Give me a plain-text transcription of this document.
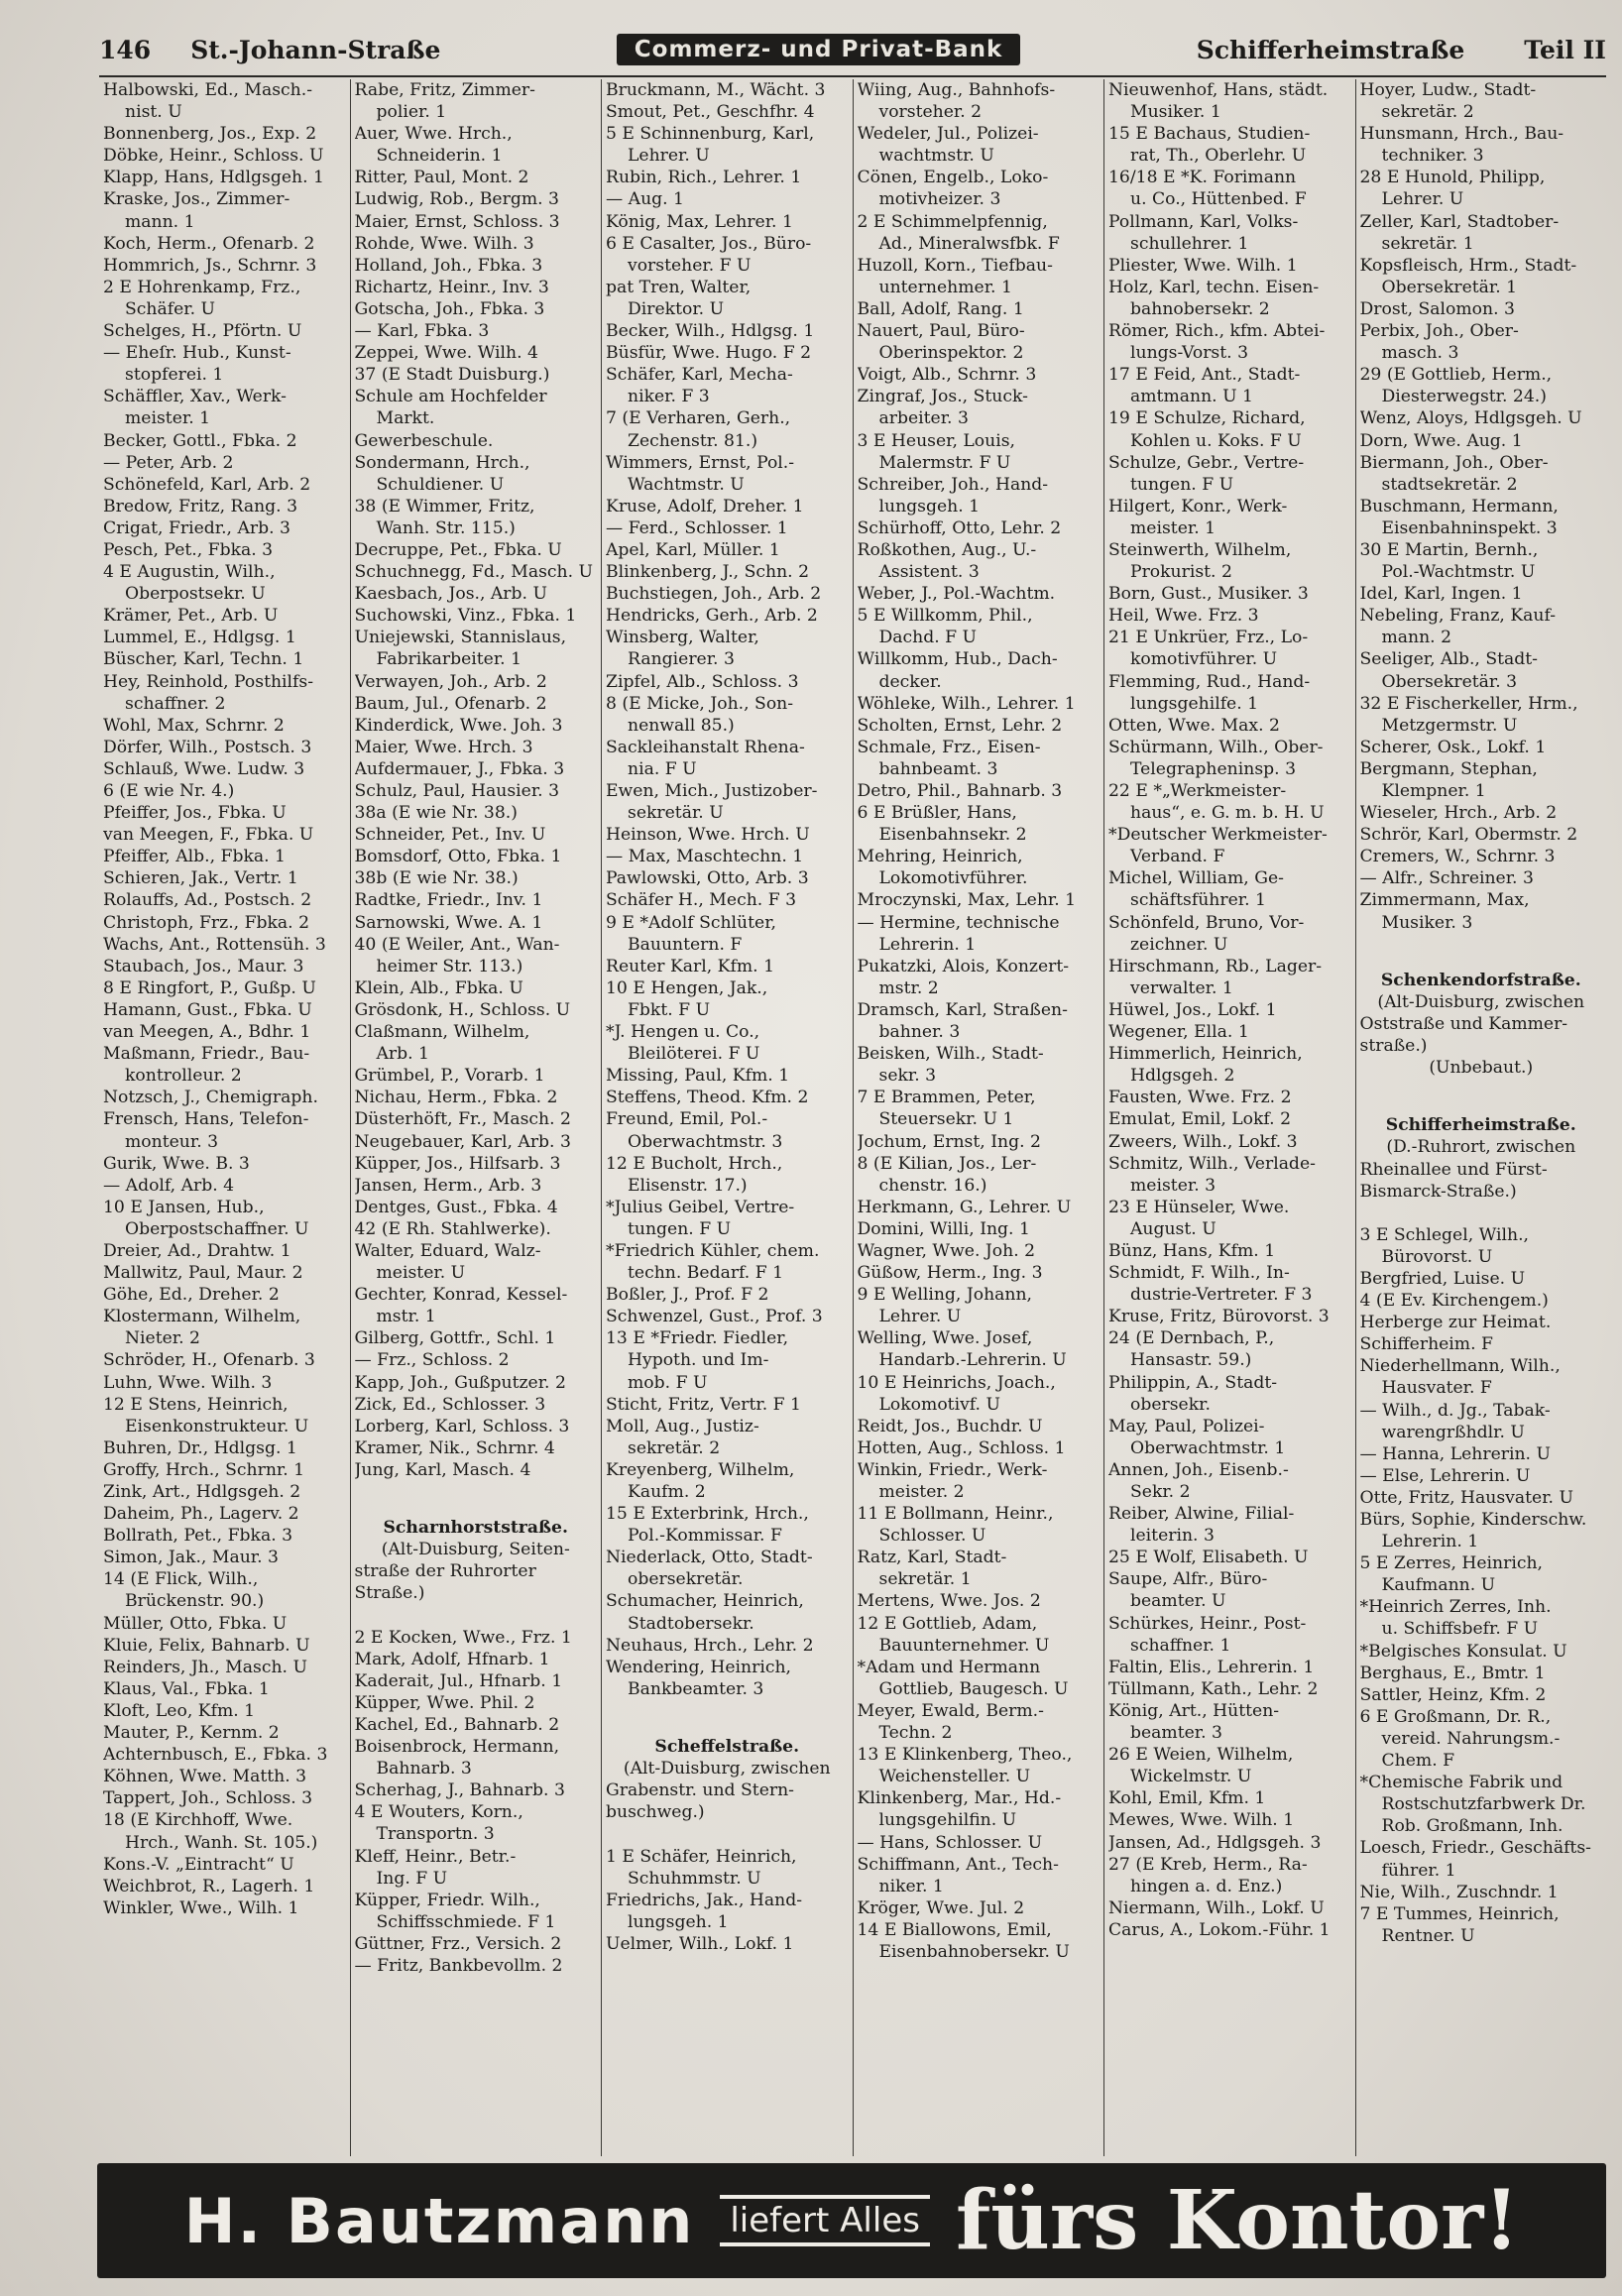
146 St.-Johann-Straße	Commerz- und Privat-Bank	Schifferheimstraße Teil II
Halbowski, Ed., Masch.-
nist. U
Bonnenberg, Jos., Exp. 2
Döbke, Heinr., Schloss. U
Klapp, Hans, Hdlgsgeh. 1
Kraske, Jos., Zimmer-
mann. 1
Koch, Herm., Ofenarb. 2
Hommrich, Js., Schrnr. 3
2 E Hohrenkamp, Frz.,
Schäfer. U
Schelges, H., Pförtn. U
— Eheſr. Hub., Kunst-
stopferei. 1
Schäffler, Xav., Werk-
meister. 1
Becker, Gottl., Fbka. 2
— Peter, Arb. 2
Schönefeld, Karl, Arb. 2
Bredow, Fritz, Rang. 3
Crigat, Friedr., Arb. 3
Pesch, Pet., Fbka. 3
4 E Augustin, Wilh.,
Oberpostsekr. U
Krämer, Pet., Arb. U
Lummel, E., Hdlgsg. 1
Büscher, Karl, Techn. 1
Hey, Reinhold, Posthilfs-
schaffner. 2
Wohl, Max, Schrnr. 2
Dörfer, Wilh., Postsch. 3
Schlauß, Wwe. Ludw. 3
6 (E wie Nr. 4.)
Pfeiffer, Jos., Fbka. U
van Meegen, F., Fbka. U
Pfeiffer, Alb., Fbka. 1
Schieren, Jak., Vertr. 1
Rolauffs, Ad., Postsch. 2
Christoph, Frz., Fbka. 2
Wachs, Ant., Rottensüh. 3
Staubach, Jos., Maur. 3
8 E Ringfort, P., Gußp. U
Hamann, Gust., Fbka. U
van Meegen, A., Bdhr. 1
Maßmann, Friedr., Bau-
kontrolleur. 2
Notzsch, J., Chemigraph.
Frensch, Hans, Telefon-
monteur. 3
Gurik, Wwe. B. 3
— Adolf, Arb. 4
10 E Jansen, Hub.,
Oberpostschaffner. U
Dreier, Ad., Drahtw. 1
Mallwitz, Paul, Maur. 2
Göhe, Ed., Dreher. 2
Klostermann, Wilhelm,
Nieter. 2
Schröder, H., Ofenarb. 3
Luhn, Wwe. Wilh. 3
12 E Stens, Heinrich,
Eisenkonstrukteur. U
Buhren, Dr., Hdlgsg. 1
Groffy, Hrch., Schrnr. 1
Zink, Art., Hdlgsgeh. 2
Daheim, Ph., Lagerv. 2
Bollrath, Pet., Fbka. 3
Simon, Jak., Maur. 3
14 (E Flick, Wilh.,
Brückenstr. 90.)
Müller, Otto, Fbka. U
Kluie, Felix, Bahnarb. U
Reinders, Jh., Masch. U
Klaus, Val., Fbka. 1
Kloft, Leo, Kfm. 1
Mauter, P., Kernm. 2
Achternbusch, E., Fbka. 3
Köhnen, Wwe. Matth. 3
Tappert, Joh., Schloss. 3
18 (E Kirchhoff, Wwe.
Hrch., Wanh. St. 105.)
Kons.-V. „Eintracht“ U
Weichbrot, R., Lagerh. 1
Winkler, Wwe., Wilh. 1
Rabe, Fritz, Zimmer-
polier. 1
Auer, Wwe. Hrch.,
Schneiderin. 1
Ritter, Paul, Mont. 2
Ludwig, Rob., Bergm. 3
Maier, Ernst, Schloss. 3
Rohde, Wwe. Wilh. 3
Holland, Joh., Fbka. 3
Richartz, Heinr., Inv. 3
Gotscha, Joh., Fbka. 3
— Karl, Fbka. 3
Zeppei, Wwe. Wilh. 4
37 (E Stadt Duisburg.)
Schule am Hochfelder
Markt.
Gewerbeschule.
Sondermann, Hrch.,
Schuldiener. U
38 (E Wimmer, Fritz,
Wanh. Str. 115.)
Decruppe, Pet., Fbka. U
Schuchnegg, Fd., Masch. U
Kaesbach, Jos., Arb. U
Suchowski, Vinz., Fbka. 1
Uniejewski, Stannislaus,
Fabrikarbeiter. 1
Verwayen, Joh., Arb. 2
Baum, Jul., Ofenarb. 2
Kinderdick, Wwe. Joh. 3
Maier, Wwe. Hrch. 3
Aufdermauer, J., Fbka. 3
Schulz, Paul, Hausier. 3
38a (E wie Nr. 38.)
Schneider, Pet., Inv. U
Bomsdorf, Otto, Fbka. 1
38b (E wie Nr. 38.)
Radtke, Friedr., Inv. 1
Sarnowski, Wwe. A. 1
40 (E Weiler, Ant., Wan-
heimer Str. 113.)
Klein, Alb., Fbka. U
Grösdonk, H., Schloss. U
Claßmann, Wilhelm,
Arb. 1
Grümbel, P., Vorarb. 1
Nichau, Herm., Fbka. 2
Düsterhöft, Fr., Masch. 2
Neugebauer, Karl, Arb. 3
Küpper, Jos., Hilfsarb. 3
Jansen, Herm., Arb. 3
Dentges, Gust., Fbka. 4
42 (E Rh. Stahlwerke).
Walter, Eduard, Walz-
meister. U
Gechter, Konrad, Kessel-
mstr. 1
Gilberg, Gottfr., Schl. 1
— Frz., Schloss. 2
Kapp, Joh., Gußputzer. 2
Zick, Ed., Schlosser. 3
Lorberg, Karl, Schloss. 3
Kramer, Nik., Schrnr. 4
Jung, Karl, Masch. 4

Scharnhorststraße.
(Alt-Duisburg, Seiten-
straße der Ruhrorter
Straße.)

2 E Kocken, Wwe., Frz. 1
Mark, Adolf, Hfnarb. 1
Kaderait, Jul., Hfnarb. 1
Küpper, Wwe. Phil. 2
Kachel, Ed., Bahnarb. 2
Boisenbrock, Hermann,
Bahnarb. 3
Scherhag, J., Bahnarb. 3
4 E Wouters, Korn.,
Transportn. 3
Kleff, Heinr., Betr.-
Ing. F U
Küpper, Friedr. Wilh.,
Schiffsschmiede. F 1
Güttner, Frz., Versich. 2
— Fritz, Bankbevollm. 2
Bruckmann, M., Wächt. 3
Smout, Pet., Geschfhr. 4
5 E Schinnenburg, Karl,
Lehrer. U
Rubin, Rich., Lehrer. 1
— Aug. 1
König, Max, Lehrer. 1
6 E Casalter, Jos., Büro-
vorsteher. F U
pat Tren, Walter,
Direktor. U
Becker, Wilh., Hdlgsg. 1
Büsfür, Wwe. Hugo. F 2
Schäfer, Karl, Mecha-
niker. F 3
7 (E Verharen, Gerh.,
Zechenstr. 81.)
Wimmers, Ernst, Pol.-
Wachtmstr. U
Kruse, Adolf, Dreher. 1
— Ferd., Schlosser. 1
Apel, Karl, Müller. 1
Blinkenberg, J., Schn. 2
Buchstiegen, Joh., Arb. 2
Hendricks, Gerh., Arb. 2
Winsberg, Walter,
Rangierer. 3
Zipfel, Alb., Schloss. 3
8 (E Micke, Joh., Son-
nenwall 85.)
Sackleihanstalt Rhena-
nia. F U
Ewen, Mich., Justizober-
sekretär. U
Heinson, Wwe. Hrch. U
— Max, Maschtechn. 1
Pawlowski, Otto, Arb. 3
Schäfer H., Mech. F 3
9 E *Adolf Schlüter,
Bauuntern. F
Reuter Karl, Kfm. 1
10 E Hengen, Jak.,
Fbkt. F U
*J. Hengen u. Co.,
Bleilöterei. F U
Missing, Paul, Kfm. 1
Steffens, Theod. Kfm. 2
Freund, Emil, Pol.-
Oberwachtmstr. 3
12 E Bucholt, Hrch.,
Elisenstr. 17.)
*Julius Geibel, Vertre-
tungen. F U
*Friedrich Kühler, chem.
techn. Bedarf. F 1
Boßler, J., Prof. F 2
Schwenzel, Gust., Prof. 3
13 E *Friedr. Fiedler,
Hypoth. und Im-
mob. F U
Sticht, Fritz, Vertr. F 1
Moll, Aug., Justiz-
sekretär. 2
Kreyenberg, Wilhelm,
Kaufm. 2
15 E Exterbrink, Hrch.,
Pol.-Kommissar. F
Niederlack, Otto, Stadt-
obersekretär.
Schumacher, Heinrich,
Stadtobersekr.
Neuhaus, Hrch., Lehr. 2
Wendering, Heinrich,
Bankbeamter. 3

Scheffelstraße.
(Alt-Duisburg, zwischen
Grabenstr. und Stern-
buschweg.)

1 E Schäfer, Heinrich,
Schuhmmstr. U
Friedrichs, Jak., Hand-
lungsgeh. 1
Uelmer, Wilh., Lokf. 1
Wiing, Aug., Bahnhofs-
vorsteher. 2
Wedeler, Jul., Polizei-
wachtmstr. U
Cönen, Engelb., Loko-
motivheizer. 3
2 E Schimmelpfennig,
Ad., Mineralwsfbk. F
Huzoll, Korn., Tiefbau-
unternehmer. 1
Ball, Adolf, Rang. 1
Nauert, Paul, Büro-
Oberinspektor. 2
Voigt, Alb., Schrnr. 3
Zingraf, Jos., Stuck-
arbeiter. 3
3 E Heuser, Louis,
Malermstr. F U
Schreiber, Joh., Hand-
lungsgeh. 1
Schürhoff, Otto, Lehr. 2
Roßkothen, Aug., U.-
Assistent. 3
Weber, J., Pol.-Wachtm.
5 E Willkomm, Phil.,
Dachd. F U
Willkomm, Hub., Dach-
decker.
Wöhleke, Wilh., Lehrer. 1
Scholten, Ernst, Lehr. 2
Schmale, Frz., Eisen-
bahnbeamt. 3
Detro, Phil., Bahnarb. 3
6 E Brüßler, Hans,
Eisenbahnsekr. 2
Mehring, Heinrich,
Lokomotivführer.
Mroczynski, Max, Lehr. 1
— Hermine, technische
Lehrerin. 1
Pukatzki, Alois, Konzert-
mstr. 2
Dramsch, Karl, Straßen-
bahner. 3
Beisken, Wilh., Stadt-
sekr. 3
7 E Brammen, Peter,
Steuersekr. U 1
Jochum, Ernst, Ing. 2
8 (E Kilian, Jos., Ler-
chenstr. 16.)
Herkmann, G., Lehrer. U
Domini, Willi, Ing. 1
Wagner, Wwe. Joh. 2
Güßow, Herm., Ing. 3
9 E Welling, Johann,
Lehrer. U
Welling, Wwe. Josef,
Handarb.-Lehrerin. U
10 E Heinrichs, Joach.,
Lokomotivf. U
Reidt, Jos., Buchdr. U
Hotten, Aug., Schloss. 1
Winkin, Friedr., Werk-
meister. 2
11 E Bollmann, Heinr.,
Schlosser. U
Ratz, Karl, Stadt-
sekretär. 1
Mertens, Wwe. Jos. 2
12 E Gottlieb, Adam,
Bauunternehmer. U
*Adam und Hermann
Gottlieb, Baugesch. U
Meyer, Ewald, Berm.-
Techn. 2
13 E Klinkenberg, Theo.,
Weichensteller. U
Klinkenberg, Mar., Hd.-
lungsgehilfin. U
— Hans, Schlosser. U
Schiffmann, Ant., Tech-
niker. 1
Kröger, Wwe. Jul. 2
14 E Biallowons, Emil,
Eisenbahnobersekr. U
Nieuwenhof, Hans, städt.
Musiker. 1
15 E Bachaus, Studien-
rat, Th., Oberlehr. U
16/18 E *K. Forimann
u. Co., Hüttenbed. F
Pollmann, Karl, Volks-
schullehrer. 1
Pliester, Wwe. Wilh. 1
Holz, Karl, techn. Eisen-
bahnobersekr. 2
Römer, Rich., kfm. Abtei-
lungs-Vorst. 3
17 E Feid, Ant., Stadt-
amtmann. U 1
19 E Schulze, Richard,
Kohlen u. Koks. F U
Schulze, Gebr., Vertre-
tungen. F U
Hilgert, Konr., Werk-
meister. 1
Steinwerth, Wilhelm,
Prokurist. 2
Born, Gust., Musiker. 3
Heil, Wwe. Frz. 3
21 E Unkrüer, Frz., Lo-
komotivführer. U
Flemming, Rud., Hand-
lungsgehilfe. 1
Otten, Wwe. Max. 2
Schürmann, Wilh., Ober-
Telegrapheninsp. 3
22 E *„Werkmeister-
haus“, e. G. m. b. H. U
*Deutscher Werkmeister-
Verband. F
Michel, William, Ge-
schäftsführer. 1
Schönfeld, Bruno, Vor-
zeichner. U
Hirschmann, Rb., Lager-
verwalter. 1
Hüwel, Jos., Lokf. 1
Wegener, Ella. 1
Himmerlich, Heinrich,
Hdlgsgeh. 2
Fausten, Wwe. Frz. 2
Emulat, Emil, Lokf. 2
Zweers, Wilh., Lokf. 3
Schmitz, Wilh., Verlade-
meister. 3
23 E Hünseler, Wwe.
August. U
Bünz, Hans, Kfm. 1
Schmidt, F. Wilh., In-
dustrie-Vertreter. F 3
Kruse, Fritz, Bürovorst. 3
24 (E Dernbach, P.,
Hansastr. 59.)
Philippin, A., Stadt-
obersekr.
May, Paul, Polizei-
Oberwachtmstr. 1
Annen, Joh., Eisenb.-
Sekr. 2
Reiber, Alwine, Filial-
leiterin. 3
25 E Wolf, Elisabeth. U
Saupe, Alfr., Büro-
beamter. U
Schürkes, Heinr., Post-
schaffner. 1
Faltin, Elis., Lehrerin. 1
Tüllmann, Kath., Lehr. 2
König, Art., Hütten-
beamter. 3
26 E Weien, Wilhelm,
Wickelmstr. U
Kohl, Emil, Kfm. 1
Mewes, Wwe. Wilh. 1
Jansen, Ad., Hdlgsgeh. 3
27 (E Kreb, Herm., Ra-
hingen a. d. Enz.)
Niermann, Wilh., Lokf. U
Carus, A., Lokom.-Führ. 1
Hoyer, Ludw., Stadt-
sekretär. 2
Hunsmann, Hrch., Bau-
techniker. 3
28 E Hunold, Philipp,
Lehrer. U
Zeller, Karl, Stadtober-
sekretär. 1
Kopsfleisch, Hrm., Stadt-
Obersekretär. 1
Drost, Salomon. 3
Perbix, Joh., Ober-
masch. 3
29 (E Gottlieb, Herm.,
Diesterwegstr. 24.)
Wenz, Aloys, Hdlgsgeh. U
Dorn, Wwe. Aug. 1
Biermann, Joh., Ober-
stadtsekretär. 2
Buschmann, Hermann,
Eisenbahninspekt. 3
30 E Martin, Bernh.,
Pol.-Wachtmstr. U
Idel, Karl, Ingen. 1
Nebeling, Franz, Kauf-
mann. 2
Seeliger, Alb., Stadt-
Obersekretär. 3
32 E Fischerkeller, Hrm.,
Metzgermstr. U
Scherer, Osk., Lokf. 1
Bergmann, Stephan,
Klempner. 1
Wieseler, Hrch., Arb. 2
Schrör, Karl, Obermstr. 2
Cremers, W., Schrnr. 3
— Alfr., Schreiner. 3
Zimmermann, Max,
Musiker. 3

Schenkendorfstraße.
(Alt-Duisburg, zwischen
Oststraße und Kammer-
straße.)
(Unbebaut.)

Schifferheimstraße.
(D.-Ruhrort, zwischen
Rheinallee und Fürst-
Bismarck-Straße.)

3 E Schlegel, Wilh.,
Bürovorst. U
Bergfried, Luise. U
4 (E Ev. Kirchengem.)
Herberge zur Heimat.
Schifferheim. F
Niederhellmann, Wilh.,
Hausvater. F
— Wilh., d. Jg., Tabak-
warengrßhdlr. U
— Hanna, Lehrerin. U
— Else, Lehrerin. U
Otte, Fritz, Hausvater. U
Bürs, Sophie, Kinderschw.
Lehrerin. 1
5 E Zerres, Heinrich,
Kaufmann. U
*Heinrich Zerres, Inh.
u. Schiffsbefr. F U
*Belgisches Konsulat. U
Berghaus, E., Bmtr. 1
Sattler, Heinz, Kfm. 2
6 E Großmann, Dr. R.,
vereid. Nahrungsm.-
Chem. F
*Chemische Fabrik und
Rostschutzfarbwerk Dr.
Rob. Großmann, Inh.
Loesch, Friedr., Geschäfts-
führer. 1
Nie, Wilh., Zuschndr. 1
7 E Tummes, Heinrich,
Rentner. U
H. Bautzmann liefert Alles fürs Kontor!
